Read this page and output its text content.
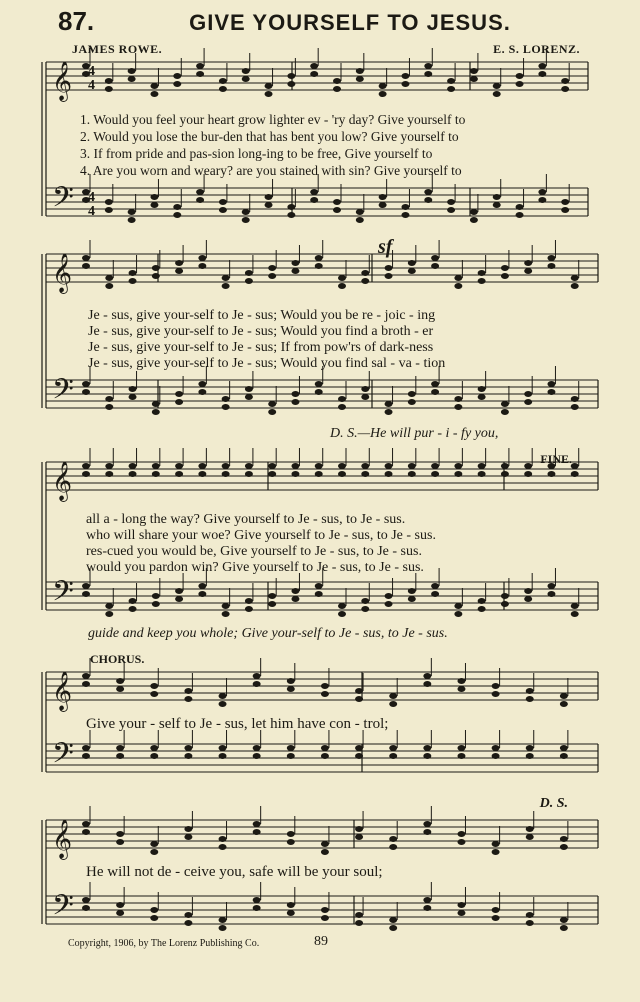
87.	GIVE YOURSELF TO JESUS.
JAMES ROWE.	E. S. LORENZ.
𝄞
𝄢
𝄞
𝄢
𝄞
𝄢
𝄞
𝄢
𝄞
𝄢
4
4
4
4
1. Would you feel your heart grow lighter ev - 'ry day? Give yourself to
2. Would you lose the bur-den that has bent you low? Give yourself to
3. If from pride and pas-sion long-ing to be free, Give yourself to
4. Are you worn and weary? are you stained with sin? Give yourself to
sf
Je - sus, give your-self to Je - sus; Would you be re - joic - ing
Je - sus, give your-self to Je - sus; Would you find a broth - er
Je - sus, give your-self to Je - sus; If from pow'rs of dark-ness
Je - sus, give your-self to Je - sus; Would you find sal - va - tion
D. S.—He will pur - i - fy you,
FINE.
all a - long the way? Give yourself to Je - sus, to Je - sus.
who will share your woe? Give yourself to Je - sus, to Je - sus.
res-cued you would be, Give yourself to Je - sus, to Je - sus.
would you pardon win? Give yourself to Je - sus, to Je - sus.
guide and keep you whole; Give your-self to Je - sus, to Je - sus.
CHORUS.
Give your - self to Je - sus, let him have con - trol;
D. S.
He will not de - ceive you, safe will be your soul;
Copyright, 1906, by The Lorenz Publishing Co.	89
